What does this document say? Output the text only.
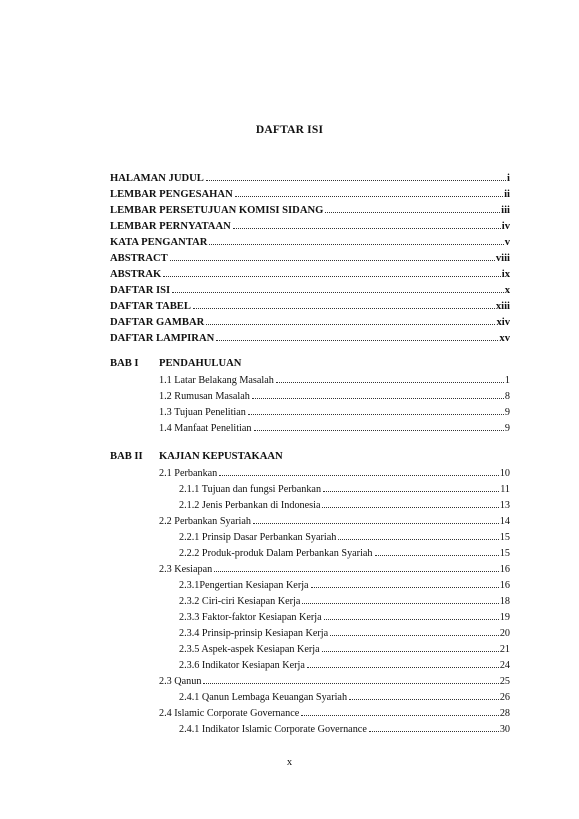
DAFTAR ISI
HALAMAN JUDUL	i
LEMBAR PENGESAHAN	ii
LEMBAR PERSETUJUAN KOMISI SIDANG	iii
LEMBAR PERNYATAAN	iv
KATA PENGANTAR	v
ABSTRACT	viii
ABSTRAK	ix
DAFTAR ISI	x
DAFTAR TABEL	xiii
DAFTAR GAMBAR	xiv
DAFTAR LAMPIRAN	xv
BAB I	PENDAHULUAN
1.1 Latar Belakang Masalah	1
1.2 Rumusan Masalah	8
1.3 Tujuan Penelitian	9
1.4 Manfaat Penelitian	9
BAB II	KAJIAN KEPUSTAKAAN
2.1 Perbankan	10
2.1.1 Tujuan dan fungsi Perbankan	11
2.1.2 Jenis Perbankan di Indonesia	13
2.2 Perbankan Syariah	14
2.2.1 Prinsip Dasar Perbankan Syariah	15
2.2.2 Produk-produk Dalam Perbankan Syariah	15
2.3 Kesiapan	16
2.3.1Pengertian Kesiapan Kerja	16
2.3.2 Ciri-ciri Kesiapan Kerja	18
2.3.3 Faktor-faktor Kesiapan Kerja	19
2.3.4 Prinsip-prinsip Kesiapan Kerja	20
2.3.5 Aspek-aspek Kesiapan Kerja	21
2.3.6 Indikator Kesiapan Kerja	24
2.3 Qanun	25
2.4.1 Qanun Lembaga Keuangan Syariah	26
2.4 Islamic Corporate Governance	28
2.4.1 Indikator Islamic Corporate Governance	30
x
